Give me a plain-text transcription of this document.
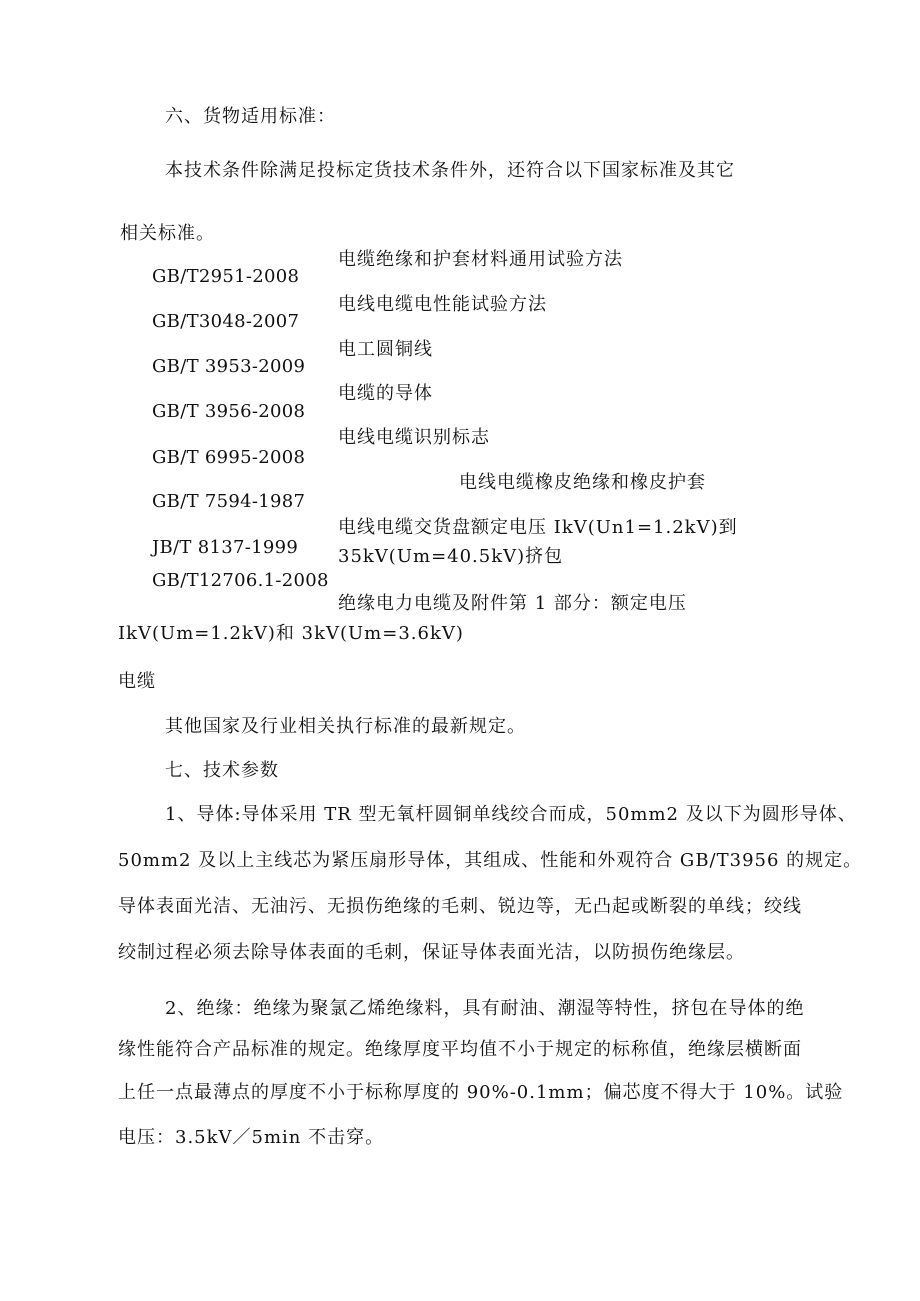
六、货物适用标准：
本技术条件除满足投标定货技术条件外，还符合以下国家标准及其它
相关标准。
电缆绝缘和护套材料通用试验方法
GB/T2951-2008
电线电缆电性能试验方法
GB/T3048-2007
电工圆铜线
GB/T 3953-2009
电缆的导体
GB/T 3956-2008
电线电缆识别标志
GB/T 6995-2008
电线电缆橡皮绝缘和橡皮护套
GB/T 7594-1987
电线电缆交货盘额定电压 IkV(Un1=1.2kV)到
JB/T 8137-1999 35kV(Um=40.5kV)挤包
GB/T12706.1-2008
绝缘电力电缆及附件第 1 部分：额定电压
IkV(Um=1.2kV)和 3kV(Um=3.6kV)
电缆
其他国家及行业相关执行标准的最新规定。
七、技术参数
1、导体:导体采用 TR 型无氧杆圆铜单线绞合而成，50mm2 及以下为圆形导体、
50mm2 及以上主线芯为紧压扇形导体，其组成、性能和外观符合 GB/T3956 的规定。
导体表面光洁、无油污、无损伤绝缘的毛刺、锐边等，无凸起或断裂的单线；绞线
绞制过程必须去除导体表面的毛刺，保证导体表面光洁，以防损伤绝缘层。
2、绝缘：绝缘为聚氯乙烯绝缘料，具有耐油、潮湿等特性，挤包在导体的绝
缘性能符合产品标准的规定。绝缘厚度平均值不小于规定的标称值，绝缘层横断面
上任一点最薄点的厚度不小于标称厚度的 90%-0.1mm；偏芯度不得大于 10%。试验
电压：3.5kV／5min 不击穿。
